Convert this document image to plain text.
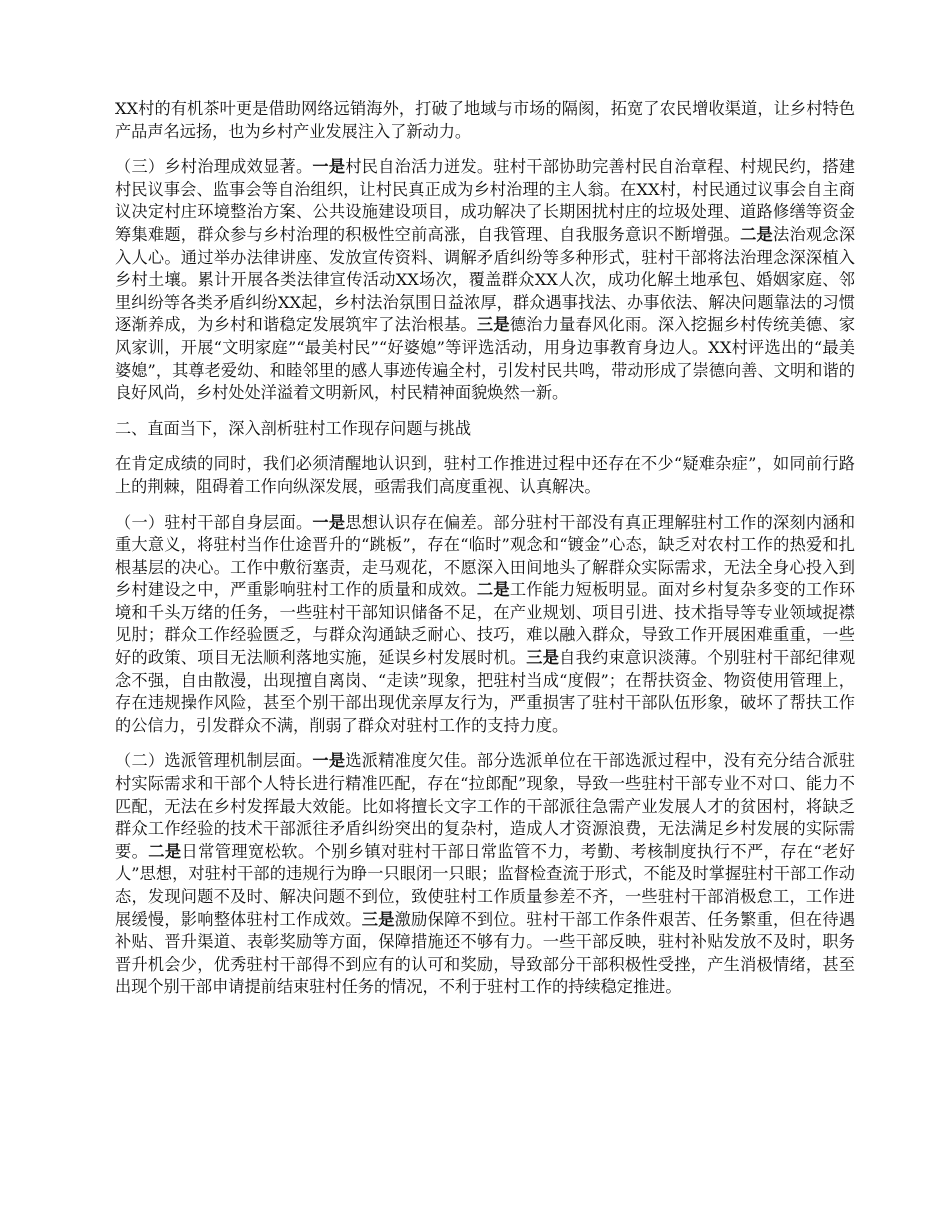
XX村的有机茶叶更是借助网络远销海外，打破了地域与市场的隔阂，拓宽了农民增收渠道，让乡村特色产品声名远扬，也为乡村产业发展注入了新动力。

（三）乡村治理成效显著。一是村民自治活力迸发。驻村干部协助完善村民自治章程、村规民约，搭建村民议事会、监事会等自治组织，让村民真正成为乡村治理的主人翁。在XX村，村民通过议事会自主商议决定村庄环境整治方案、公共设施建设项目，成功解决了长期困扰村庄的垃圾处理、道路修缮等资金筹集难题，群众参与乡村治理的积极性空前高涨，自我管理、自我服务意识不断增强。二是法治观念深入人心。通过举办法律讲座、发放宣传资料、调解矛盾纠纷等多种形式，驻村干部将法治理念深深植入乡村土壤。累计开展各类法律宣传活动XX场次，覆盖群众XX人次，成功化解土地承包、婚姻家庭、邻里纠纷等各类矛盾纠纷XX起，乡村法治氛围日益浓厚，群众遇事找法、办事依法、解决问题靠法的习惯逐渐养成，为乡村和谐稳定发展筑牢了法治根基。三是德治力量春风化雨。深入挖掘乡村传统美德、家风家训，开展“文明家庭”“最美村民”“好婆媳”等评选活动，用身边事教育身边人。XX村评选出的“最美婆媳”，其尊老爱幼、和睦邻里的感人事迹传遍全村，引发村民共鸣，带动形成了崇德向善、文明和谐的良好风尚，乡村处处洋溢着文明新风，村民精神面貌焕然一新。

二、直面当下，深入剖析驻村工作现存问题与挑战

在肯定成绩的同时，我们必须清醒地认识到，驻村工作推进过程中还存在不少“疑难杂症”，如同前行路上的荆棘，阻碍着工作向纵深发展，亟需我们高度重视、认真解决。

（一）驻村干部自身层面。一是思想认识存在偏差。部分驻村干部没有真正理解驻村工作的深刻内涵和重大意义，将驻村当作仕途晋升的“跳板”，存在“临时”观念和“镀金”心态，缺乏对农村工作的热爱和扎根基层的决心。工作中敷衍塞责，走马观花，不愿深入田间地头了解群众实际需求，无法全身心投入到乡村建设之中，严重影响驻村工作的质量和成效。二是工作能力短板明显。面对乡村复杂多变的工作环境和千头万绪的任务，一些驻村干部知识储备不足，在产业规划、项目引进、技术指导等专业领域捉襟见肘；群众工作经验匮乏，与群众沟通缺乏耐心、技巧，难以融入群众，导致工作开展困难重重，一些好的政策、项目无法顺利落地实施，延误乡村发展时机。三是自我约束意识淡薄。个别驻村干部纪律观念不强，自由散漫，出现擅自离岗、“走读”现象，把驻村当成“度假”；在帮扶资金、物资使用管理上，存在违规操作风险，甚至个别干部出现优亲厚友行为，严重损害了驻村干部队伍形象，破坏了帮扶工作的公信力，引发群众不满，削弱了群众对驻村工作的支持力度。

（二）选派管理机制层面。一是选派精准度欠佳。部分选派单位在干部选派过程中，没有充分结合派驻村实际需求和干部个人特长进行精准匹配，存在“拉郎配”现象，导致一些驻村干部专业不对口、能力不匹配，无法在乡村发挥最大效能。比如将擅长文字工作的干部派往急需产业发展人才的贫困村，将缺乏群众工作经验的技术干部派往矛盾纠纷突出的复杂村，造成人才资源浪费，无法满足乡村发展的实际需要。二是日常管理宽松软。个别乡镇对驻村干部日常监管不力，考勤、考核制度执行不严，存在“老好人”思想，对驻村干部的违规行为睁一只眼闭一只眼；监督检查流于形式，不能及时掌握驻村干部工作动态，发现问题不及时、解决问题不到位，致使驻村工作质量参差不齐，一些驻村干部消极怠工，工作进展缓慢，影响整体驻村工作成效。三是激励保障不到位。驻村干部工作条件艰苦、任务繁重，但在待遇补贴、晋升渠道、表彰奖励等方面，保障措施还不够有力。一些干部反映，驻村补贴发放不及时，职务晋升机会少，优秀驻村干部得不到应有的认可和奖励，导致部分干部积极性受挫，产生消极情绪，甚至出现个别干部申请提前结束驻村任务的情况，不利于驻村工作的持续稳定推进。
